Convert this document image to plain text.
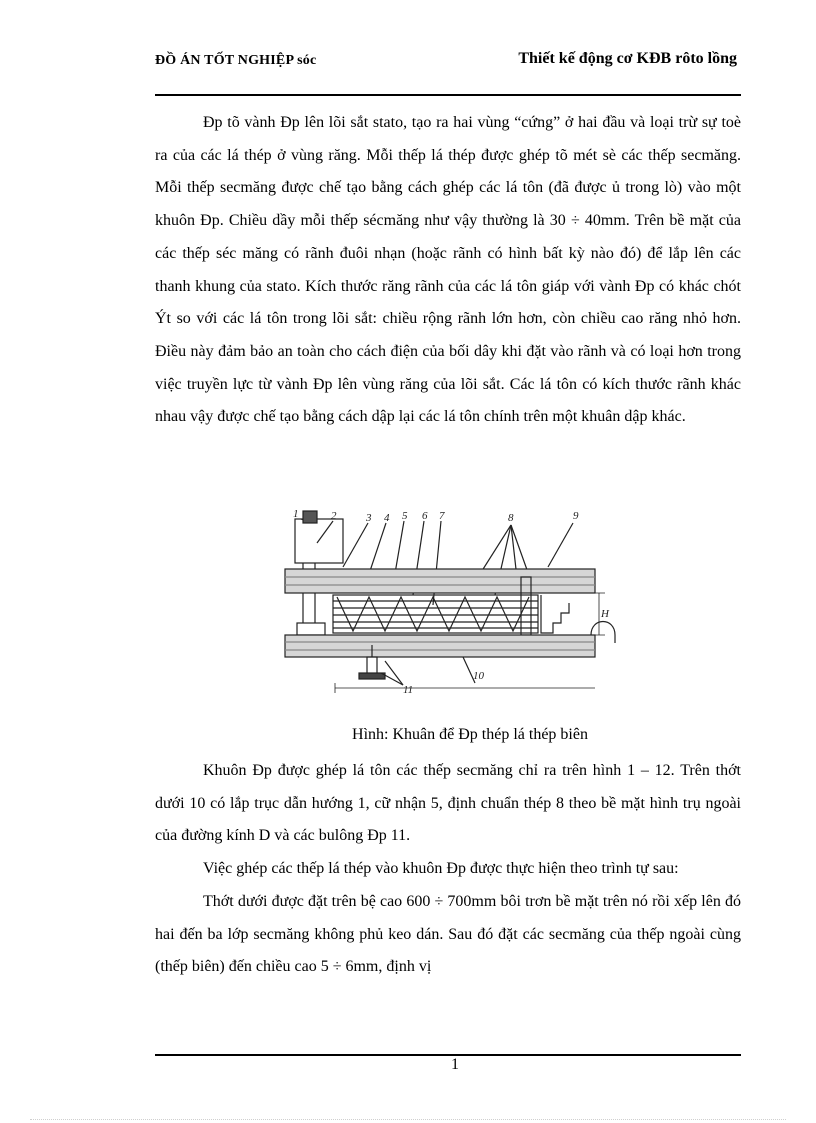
ĐỒ ÁN TỐT NGHIỆP sóc	Thiết kế động cơ KĐB rôto lồng

Đp tõ vành Đp lên lõi sắt stato, tạo ra hai vùng “cứng” ở hai đầu và loại trừ sự toè ra của các lá thép ở vùng răng. Mỗi thếp lá thép được ghép tõ mét sè các thếp secmăng. Mỗi thếp secmăng được chế tạo bằng cách ghép các lá tôn (đã được ủ trong lò) vào một khuôn Đp. Chiều dầy mỗi thếp sécmăng như vậy thường là 30 ÷ 40mm. Trên bề mặt của các thếp séc măng có rãnh đuôi nhạn (hoặc rãnh có hình bất kỳ nào đó) để lắp lên các thanh khung của stato. Kích thước răng rãnh của các lá tôn giáp với vành Đp có khác chót Ýt so với các lá tôn trong lõi sắt: chiều rộng rãnh lớn hơn, còn chiều cao răng nhỏ hơn. Điều này đảm bảo an toàn cho cách điện của bối dây khi đặt vào rãnh và có loại hơn trong việc truyền lực từ vành Đp lên vùng răng của lõi sắt. Các lá tôn có kích thước rãnh khác nhau vậy được chế tạo bằng cách dập lại các lá tôn chính trên một khuân dập khác.

1	2	3 4 5 6 7	8	9
10
11
H
Hình: Khuân để Đp thép lá thép biên

Khuôn Đp được ghép lá tôn các thếp secmăng chỉ ra trên hình 1 – 12. Trên thớt dưới 10 có lắp trục dẫn hướng 1, cữ nhận 5, định chuẩn thép 8 theo bề mặt hình trụ ngoài của đường kính D và các bulông Đp 11.

Việc ghép các thếp lá thép vào khuôn Đp được thực hiện theo trình tự sau:

Thớt dưới được đặt trên bệ cao 600 ÷ 700mm bôi trơn bề mặt trên nó rồi xếp lên đó hai đến ba lớp secmăng không phủ keo dán. Sau đó đặt các secmăng của thếp ngoài cùng (thếp biên) đến chiều cao 5 ÷ 6mm, định vị

1
